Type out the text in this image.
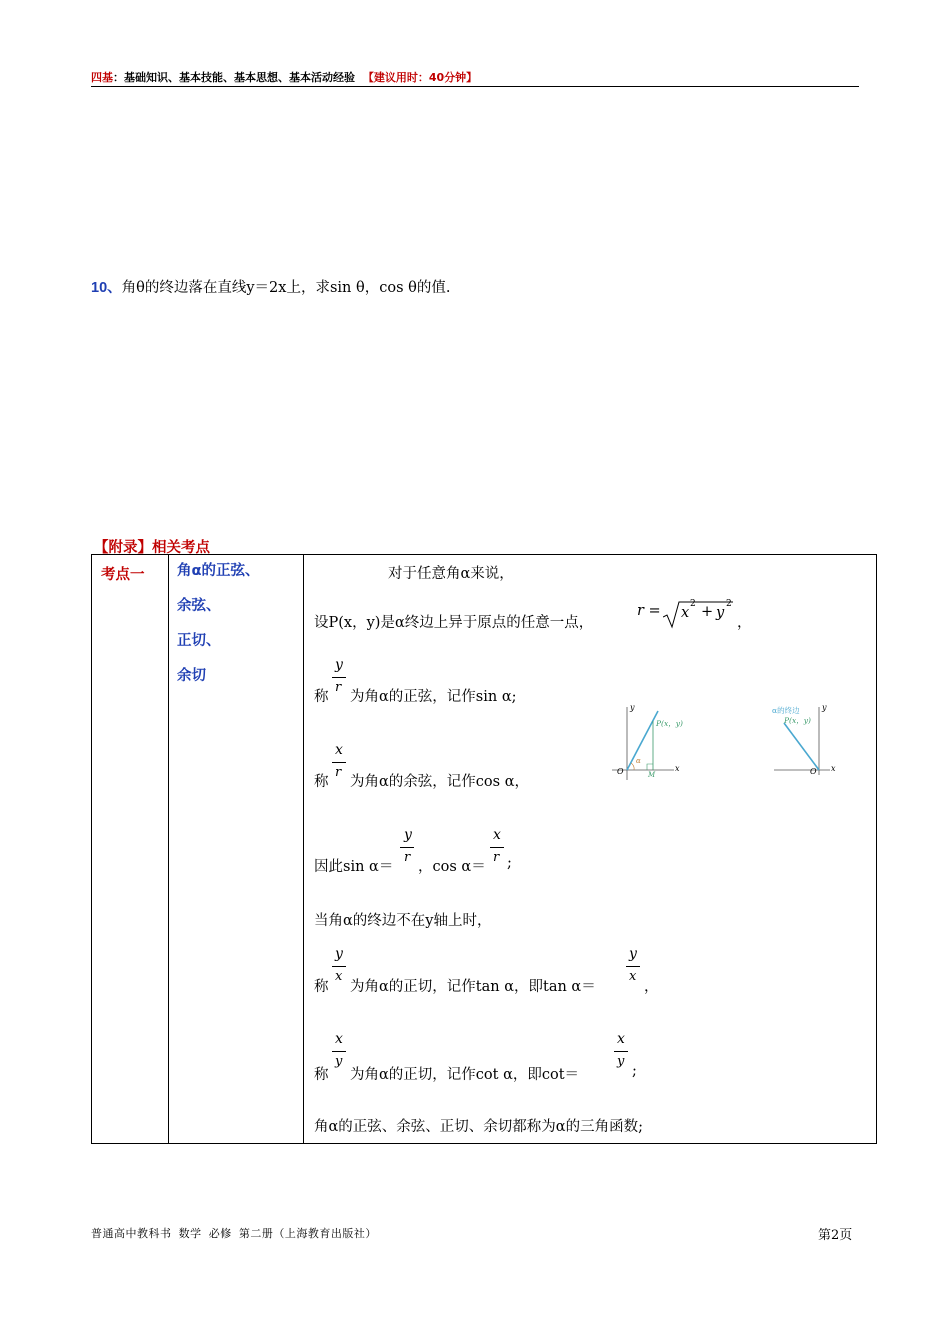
四基：基础知识、基本技能、基本思想、基本活动经验 【建议用时：40分钟】
10、角θ的终边落在直线y＝2x上，求sin θ，cos θ的值.
【附录】相关考点
考点一 角α的正弦、
余弦、
正切、
余切
对于任意角α来说，
设P(x，y)是α终边上异于原点的任意一点，
r = x
2 + y
2
，
y
r
称 为角α的正弦，记作sin α;
x
r
称 为角α的余弦，记作cos α，
因此sin α＝
y
r
，cos α＝
x
r ;
当角α的终边不在y轴上时，
y
x
称 为角α的正切，记作tan α，即tan α＝
y
x
，
x
y
称 为角α的正切，记作cot α，即cot＝
x
y
;
角α的正弦、余弦、正切、余切都称为α的三角函数;
y
x
O	M
P(x，y)
α
y
x
O
α的终边
P(x，y)
普通高中教科书 数学 必修 第二册（上海教育出版社）	第2页
